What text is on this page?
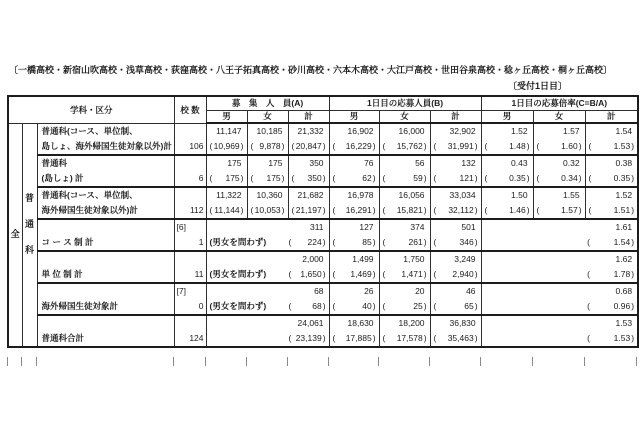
〔一橋高校・新宿山吹高校・浅草高校・荻窪高校・八王子拓真高校・砂川高校・六本木高校・大江戸高校・世田谷泉高校・稔ヶ丘高校・桐ヶ丘高校〕
〔受付1日目〕
学科・区分			校 数	募　集　人　員(A)			1日目の応募人員(B)			1日目の応募倍率(C=B/A)		
				男	女	計	男	女	計	男	女	計
全	普
通
科	普通科(コース、単位制、		11,147	10,185	21,332	16,902	16,000	32,902	1.52	1.57	1.54
		島しょ、海外帰国生徒対象以外)計	106	( 10,969)	( 9,878)	( 20,847)	( 16,229)	( 15,762)	( 31,991)	( 1.48)	( 1.60)	( 1.53)
		普通科		175	175	350	76	56	132	0.43	0.32	0.38
		(島しょ) 計	6	( 175)	( 175)	( 350)	( 62)	( 59)	( 121)	( 0.35)	( 0.34)	( 0.35)
		普通科(コース、単位制、		11,322	10,360	21,682	16,978	16,056	33,034	1.50	1.55	1.52
		海外帰国生徒対象以外)計	112	( 11,144)	( 10,053)	( 21,197)	( 16,291)	( 15,821)	( 32,112)	( 1.46)	( 1.57)	( 1.51)
			[6]	311			127	374	501	1.61		
		コ ー ス 制 計	1	(男女を問わず) ( 224)			( 85)	( 261)	( 346)	( 1.54)		
				2,000			1,499	1,750	3,249	1.62		
		単 位 制 計	11	(男女を問わず) ( 1,650)			( 1,469)	( 1,471)	( 2,940)	( 1.78)		
			[7]	68			26	20	46	0.68		
		海外帰国生徒対象計	0	(男女を問わず) ( 68)			( 40)	( 25)	( 65)	( 0.96)		
				24,061			18,630	18,200	36,830	1.53		
		普通科合計	124	( 23,139)			( 17,885)	( 17,578)	( 35,463)	( 1.53)		
